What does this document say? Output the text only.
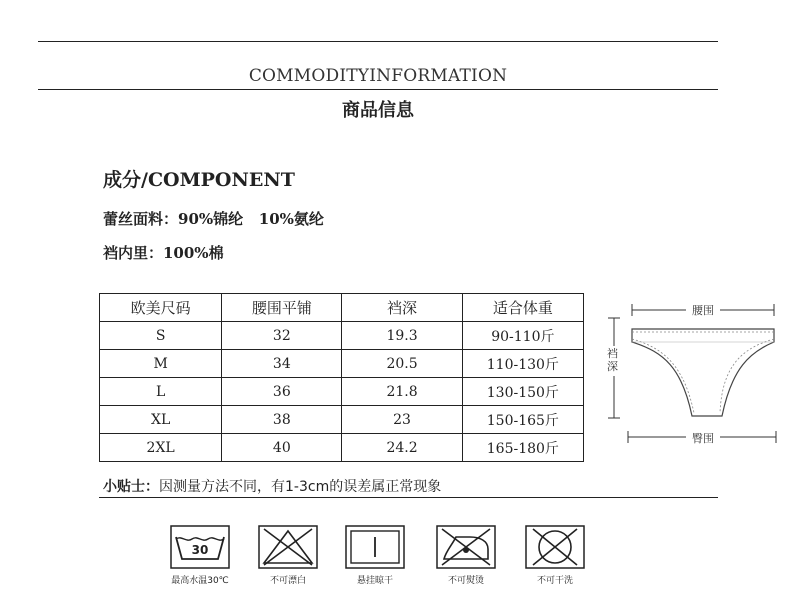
COMMODITYINFORMATION
商品信息
成分/COMPONENT
蕾丝面料：90%锦纶   10%氨纶
裆内里：100%棉
欧美尺码	腰围平铺	裆深	适合体重
S	32	19.3	90-110斤
M	34	20.5	110-130斤
L	36	21.8	130-150斤
XL	38	23	150-165斤
2XL	40	24.2	165-180斤
腰围
裆深
臀围
小贴士：因测量方法不同，有1-3cm的误差属正常现象
30
最高水温30℃	不可漂白	悬挂晾干	不可熨烫	不可干洗
